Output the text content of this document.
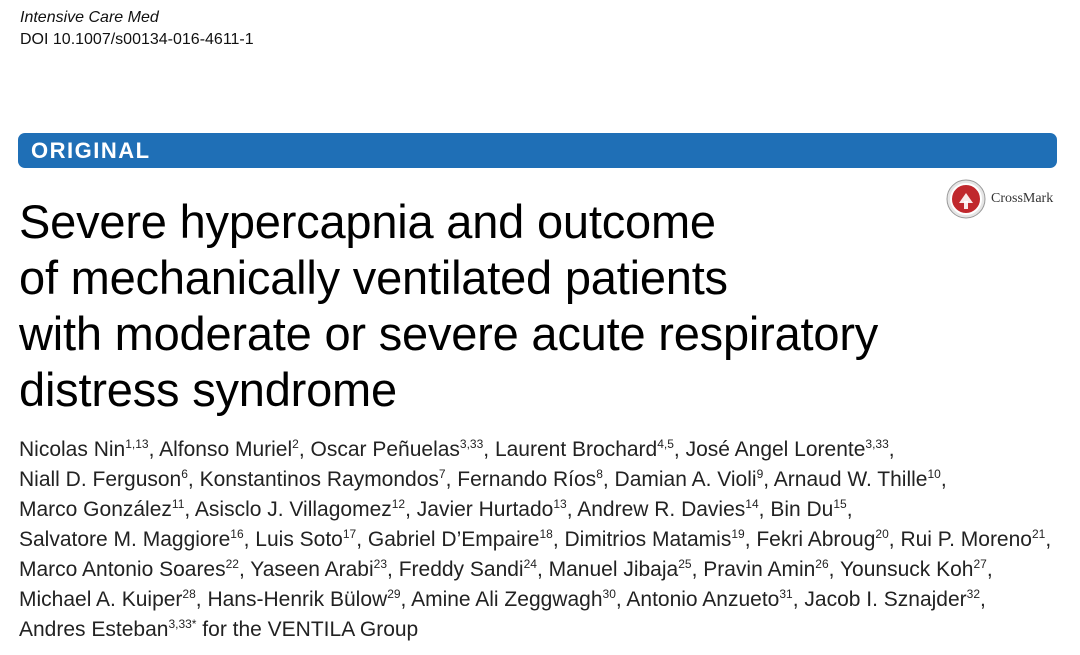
Intensive Care Med
DOI 10.1007/s00134-016-4611-1
ORIGINAL
CrossMark
Severe hypercapnia and outcome
of mechanically ventilated patients
with moderate or severe acute respiratory
distress syndrome
Nicolas Nin$^{1,13}$, Alfonso Muriel$^2$, Oscar Peñuelas$^{3,33}$, Laurent Brochard$^{4,5}$, José Angel Lorente$^{3,33}$,
Niall D. Ferguson$^6$, Konstantinos Raymondos$^7$, Fernando Ríos$^8$, Damian A. Violi$^9$, Arnaud W. Thille$^{10}$,
Marco González$^{11}$, Asisclo J. Villagomez$^{12}$, Javier Hurtado$^{13}$, Andrew R. Davies$^{14}$, Bin Du$^{15}$,
Salvatore M. Maggiore$^{16}$, Luis Soto$^{17}$, Gabriel D’Empaire$^{18}$, Dimitrios Matamis$^{19}$, Fekri Abroug$^{20}$, Rui P. Moreno$^{21}$,
Marco Antonio Soares$^{22}$, Yaseen Arabi$^{23}$, Freddy Sandi$^{24}$, Manuel Jibaja$^{25}$, Pravin Amin$^{26}$, Younsuck Koh$^{27}$,
Michael A. Kuiper$^{28}$, Hans-Henrik Bülow$^{29}$, Amine Ali Zeggwagh$^{30}$, Antonio Anzueto$^{31}$, Jacob I. Sznajder$^{32}$,
Andres Esteban$^{3,33*}$ for the VENTILA Group
